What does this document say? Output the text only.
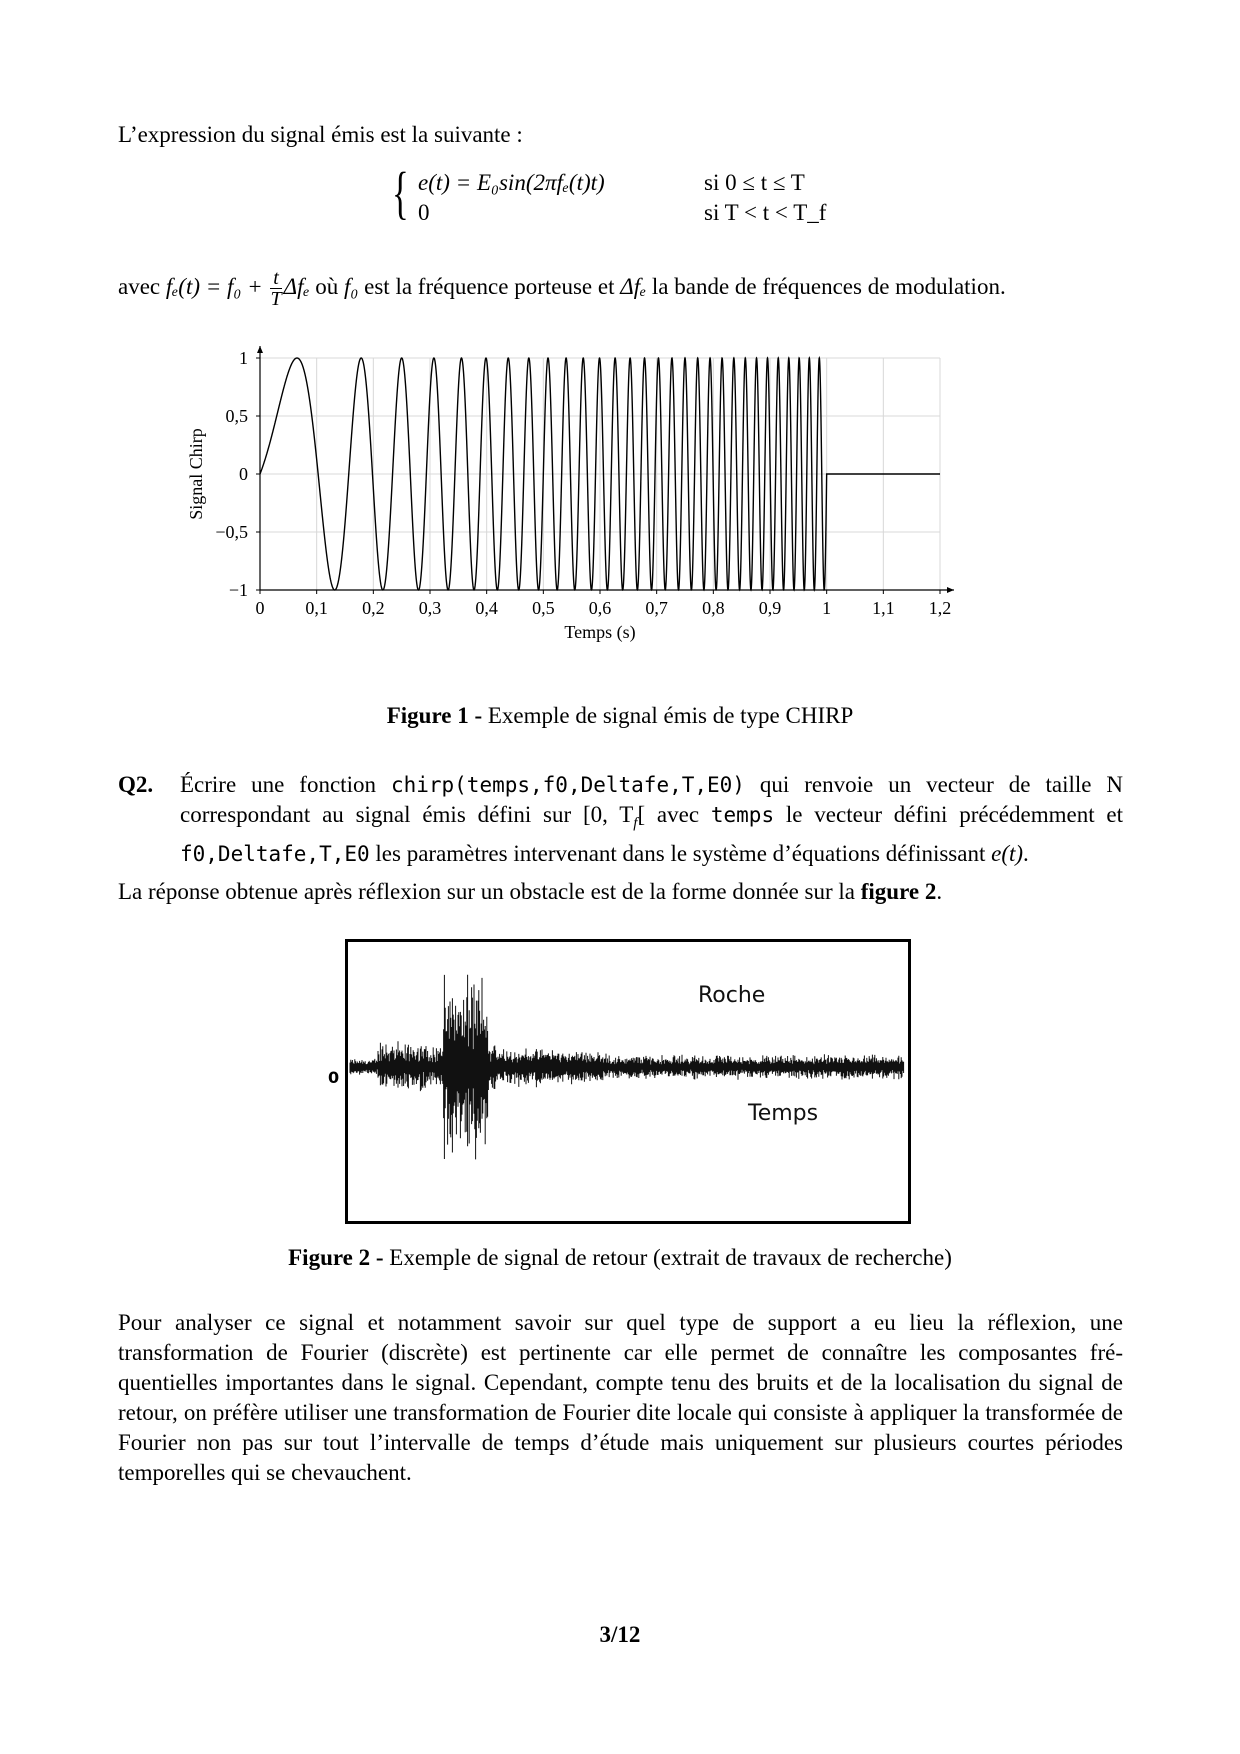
L’expression du signal émis est la suivante :

{ e(t) = E₀sin(2πfₑ(t)t)	si 0 ≤ t ≤ T
0	si T < t < T_f

avec $f_e(t) = f_0 + \frac{t}{T}$ Δfₑ où f₀ est la fréquence porteuse et Δfₑ la bande de fréquences de modulation.

0 0,1 0,2 0,3 0,4 0,5 0,6 0,7 0,8 0,9 1 1,1 1,2
−1
−0,5
0
0,5
1
Temps (s)
Signal Chirp

Figure 1 - Exemple de signal émis de type CHIRP

Q2. Écrire une fonction chirp(temps,f0,Deltafe,T,E0) qui renvoie un vecteur de taille N correspondant au signal émis défini sur [0, $T_f$[ avec temps le vecteur défini précédemment et f0,Deltafe,T,E0 les paramètres intervenant dans le système d’équations définissant e(t).

La réponse obtenue après réflexion sur un obstacle est de la forme donnée sur la figure 2.

0
Roche
Temps

Figure 2 - Exemple de signal de retour (extrait de travaux de recherche)

Pour analyser ce signal et notamment savoir sur quel type de support a eu lieu la réflexion, une transformation de Fourier (discrète) est pertinente car elle permet de connaître les composantes fré-quentielles importantes dans le signal. Cependant, compte tenu des bruits et de la localisation du signal de retour, on préfère utiliser une transformation de Fourier dite locale qui consiste à appliquer la transformée de Fourier non pas sur tout l’intervalle de temps d’étude mais uniquement sur plusieurs courtes périodes temporelles qui se chevauchent.

3/12
